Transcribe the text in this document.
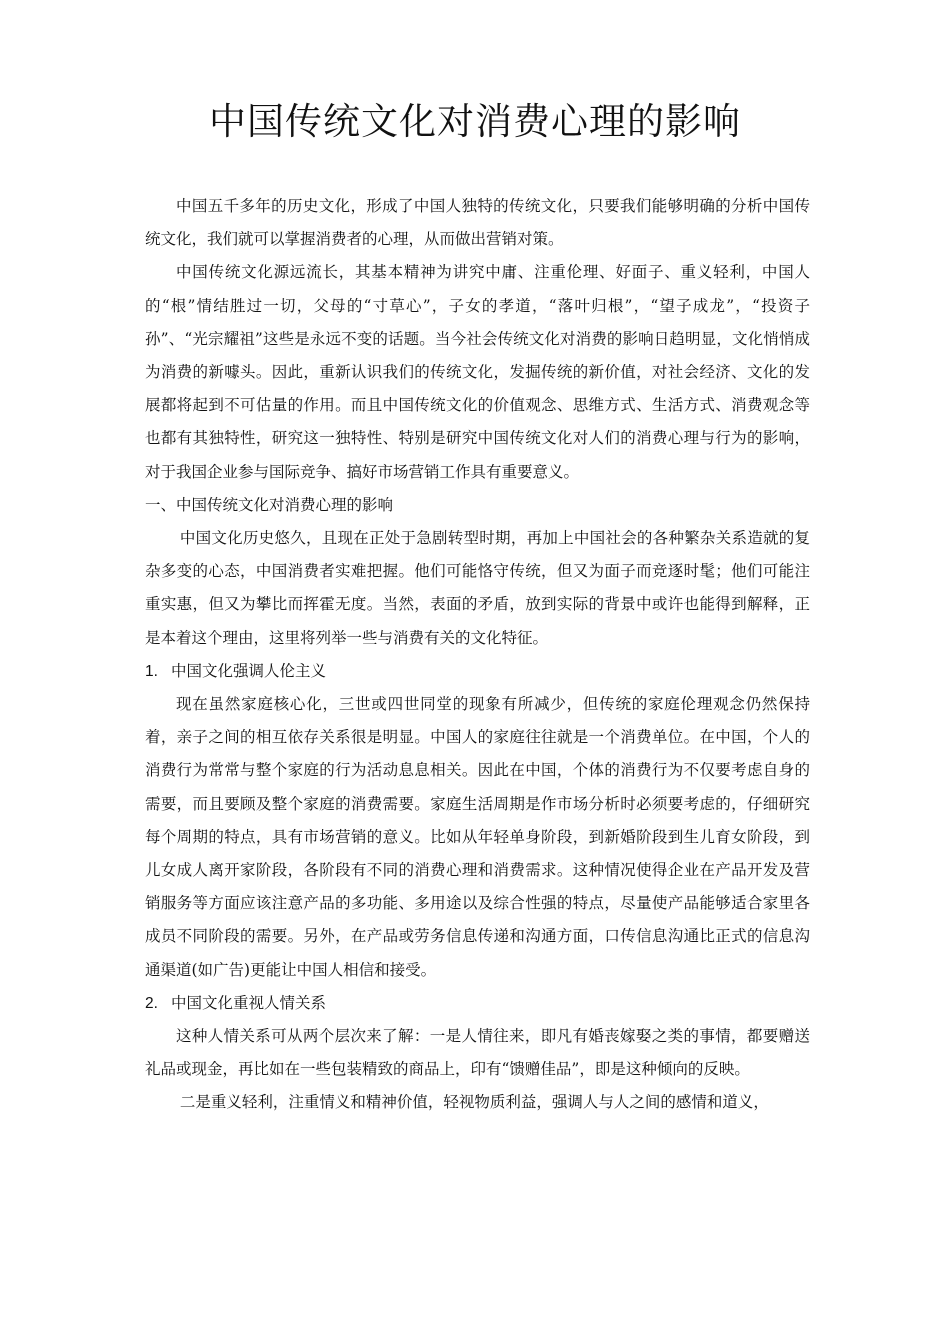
中国传统文化对消费心理的影响

中国五千多年的历史文化，形成了中国人独特的传统文化，只要我们能够明确的分析中国传统文化，我们就可以掌握消费者的心理，从而做出营销对策。

中国传统文化源远流长，其基本精神为讲究中庸、注重伦理、好面子、重义轻利，中国人的“根”情结胜过一切，父母的“寸草心”，子女的孝道，“落叶归根”，“望子成龙”，“投资子孙”、“光宗耀祖”这些是永远不变的话题。当今社会传统文化对消费的影响日趋明显，文化悄悄成为消费的新噱头。因此，重新认识我们的传统文化，发掘传统的新价值，对社会经济、文化的发展都将起到不可估量的作用。而且中国传统文化的价值观念、思维方式、生活方式、消费观念等也都有其独特性，研究这一独特性、特别是研究中国传统文化对人们的消费心理与行为的影响，对于我国企业参与国际竞争、搞好市场营销工作具有重要意义。

一、中国传统文化对消费心理的影响

中国文化历史悠久，且现在正处于急剧转型时期，再加上中国社会的各种繁杂关系造就的复杂多变的心态，中国消费者实难把握。他们可能恪守传统，但又为面子而竞逐时髦；他们可能注重实惠，但又为攀比而挥霍无度。当然，表面的矛盾，放到实际的背景中或许也能得到解释，正是本着这个理由，这里将列举一些与消费有关的文化特征。

1. 中国文化强调人伦主义

现在虽然家庭核心化，三世或四世同堂的现象有所减少，但传统的家庭伦理观念仍然保持着，亲子之间的相互依存关系很是明显。中国人的家庭往往就是一个消费单位。在中国，个人的消费行为常常与整个家庭的行为活动息息相关。因此在中国，个体的消费行为不仅要考虑自身的需要，而且要顾及整个家庭的消费需要。家庭生活周期是作市场分析时必须要考虑的，仔细研究每个周期的特点，具有市场营销的意义。比如从年轻单身阶段，到新婚阶段到生儿育女阶段，到儿女成人离开家阶段，各阶段有不同的消费心理和消费需求。这种情况使得企业在产品开发及营销服务等方面应该注意产品的多功能、多用途以及综合性强的特点，尽量使产品能够适合家里各成员不同阶段的需要。另外，在产品或劳务信息传递和沟通方面，口传信息沟通比正式的信息沟通渠道(如广告)更能让中国人相信和接受。

2. 中国文化重视人情关系

这种人情关系可从两个层次来了解：一是人情往来，即凡有婚丧嫁娶之类的事情，都要赠送礼品或现金，再比如在一些包装精致的商品上，印有“馈赠佳品”，即是这种倾向的反映。

二是重义轻利，注重情义和精神价值，轻视物质利益，强调人与人之间的感情和道义，
